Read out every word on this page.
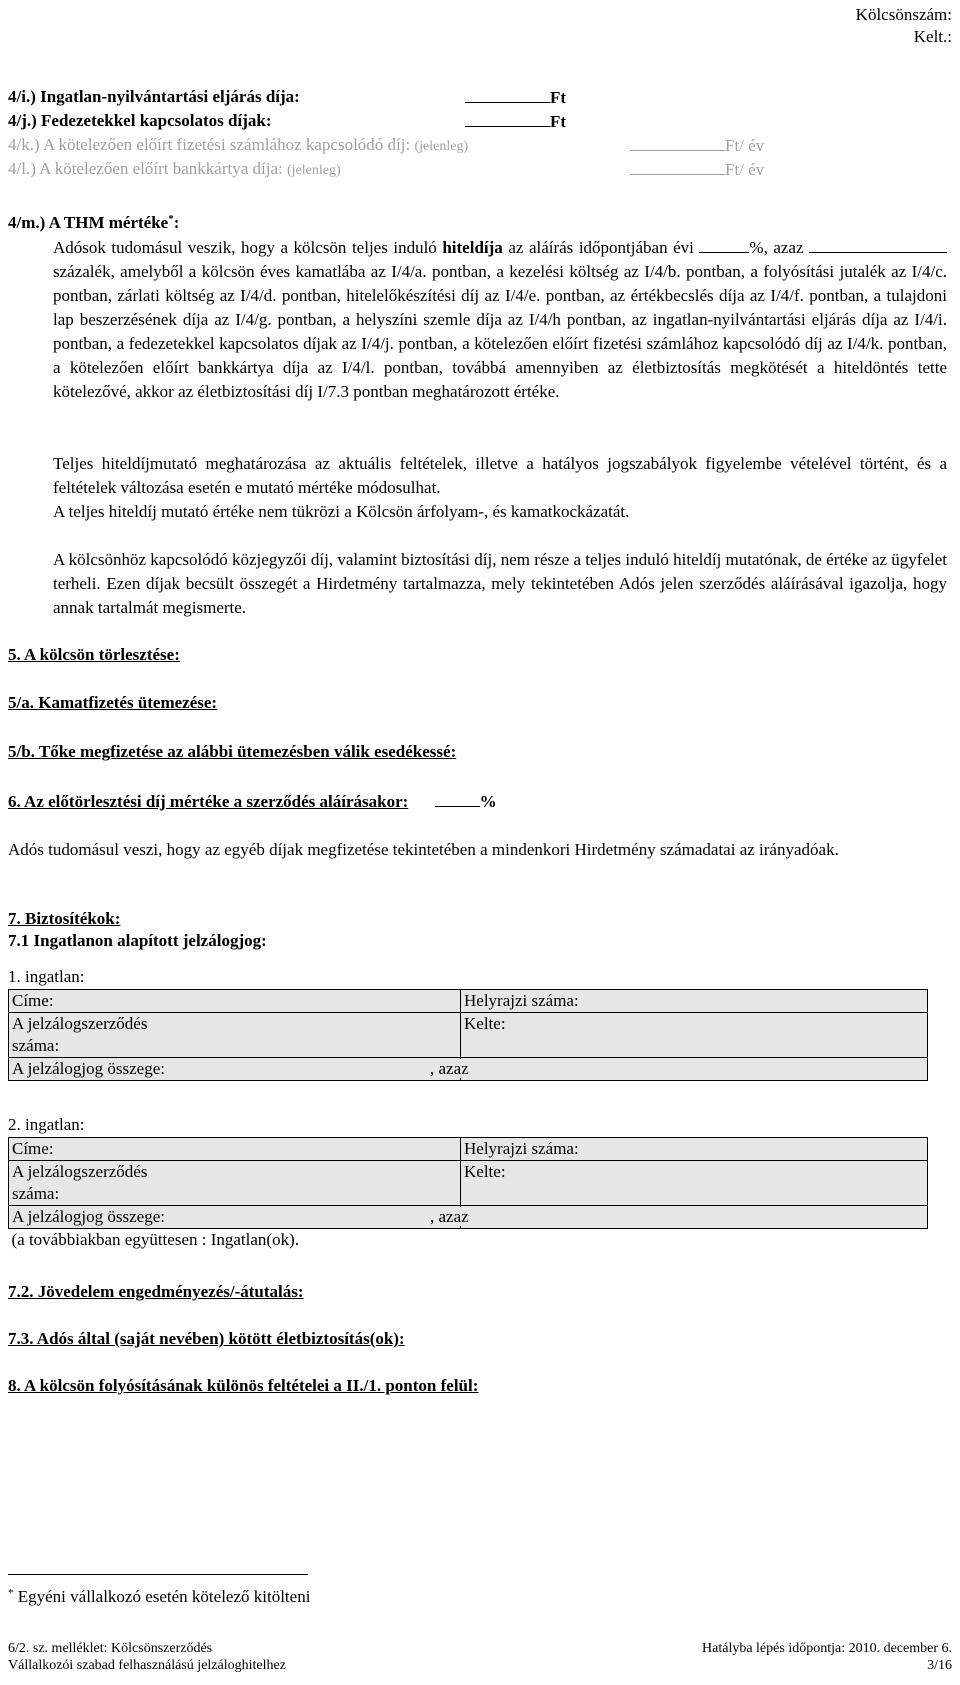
Kölcsönszám:
Kelt.:
4/i.) Ingatlan-nyilvántartási eljárás díja:	Ft
4/j.) Fedezetekkel kapcsolatos díjak:	Ft
4/k.) A kötelezően előírt fizetési számlához kapcsolódó díj: (jelenleg)	Ft/ év
4/l.) A kötelezően előírt bankkártya díja: (jelenleg)	Ft/ év
4/m.) A THM mértéke*:
Adósok tudomásul veszik, hogy a kölcsön teljes induló hiteldíja az aláírás időpontjában évi	%, azaz százalék, amelyből a kölcsön éves kamatlába az I/4/a. pontban, a kezelési költség az I/4/b. pontban, a folyósítási jutalék az I/4/c. pontban, zárlati költség az I/4/d. pontban, hitelelőkészítési díj az I/4/e. pontban, az értékbecslés díja az I/4/f. pontban, a tulajdoni lap beszerzésének díja az I/4/g. pontban, a helyszíni szemle díja az I/4/h pontban, az ingatlan-nyilvántartási eljárás díja az I/4/i. pontban, a fedezetekkel kapcsolatos díjak az I/4/j. pontban, a kötelezően előírt fizetési számlához kapcsolódó díj az I/4/k. pontban, a kötelezően előírt bankkártya díja az I/4/l. pontban, továbbá amennyiben az életbiztosítás megkötését a hiteldöntés tette kötelezővé, akkor az életbiztosítási díj I/7.3 pontban meghatározott értéke.
Teljes hiteldíjmutató meghatározása az aktuális feltételek, illetve a hatályos jogszabályok figyelembe vételével történt, és a feltételek változása esetén e mutató mértéke módosulhat.
A teljes hiteldíj mutató értéke nem tükrözi a Kölcsön árfolyam-, és kamatkockázatát.
A kölcsönhöz kapcsolódó közjegyzői díj, valamint biztosítási díj, nem része a teljes induló hiteldíj mutatónak, de értéke az ügyfelet terheli. Ezen díjak becsült összegét a Hirdetmény tartalmazza, mely tekintetében Adós jelen szerződés aláírásával igazolja, hogy annak tartalmát megismerte.
5. A kölcsön törlesztése:
5/a. Kamatfizetés ütemezése:
5/b. Tőke megfizetése az alábbi ütemezésben válik esedékessé:
6. Az előtörlesztési díj mértéke a szerződés aláírásakor:	%
Adós tudomásul veszi, hogy az egyéb díjak megfizetése tekintetében a mindenkori Hirdetmény számadatai az irányadóak.
7. Biztosítékok:
7.1 Ingatlanon alapított jelzálogjog:
1. ingatlan:
Címe:	Helyrajzi száma:

A jelzálogszerződés
száma:	Kelte:
A jelzálogjog összege:	, azaz
2. ingatlan:
Címe:	Helyrajzi száma:

A jelzálogszerződés
száma:	Kelte:
A jelzálogjog összege:	, azaz
(a továbbiakban együttesen : Ingatlan(ok).	
7.2. Jövedelem engedményezés/-átutalás:
7.3. Adós által (saját nevében) kötött életbiztosítás(ok):
8. A kölcsön folyósításának különös feltételei a II./1. ponton felül:
* Egyéni vállalkozó esetén kötelező kitölteni
6/2. sz. melléklet: Kölcsönszerződés
Vállalkozói szabad felhasználású jelzáloghitelhez
Hatályba lépés időpontja: 2010. december 6.
3/16
